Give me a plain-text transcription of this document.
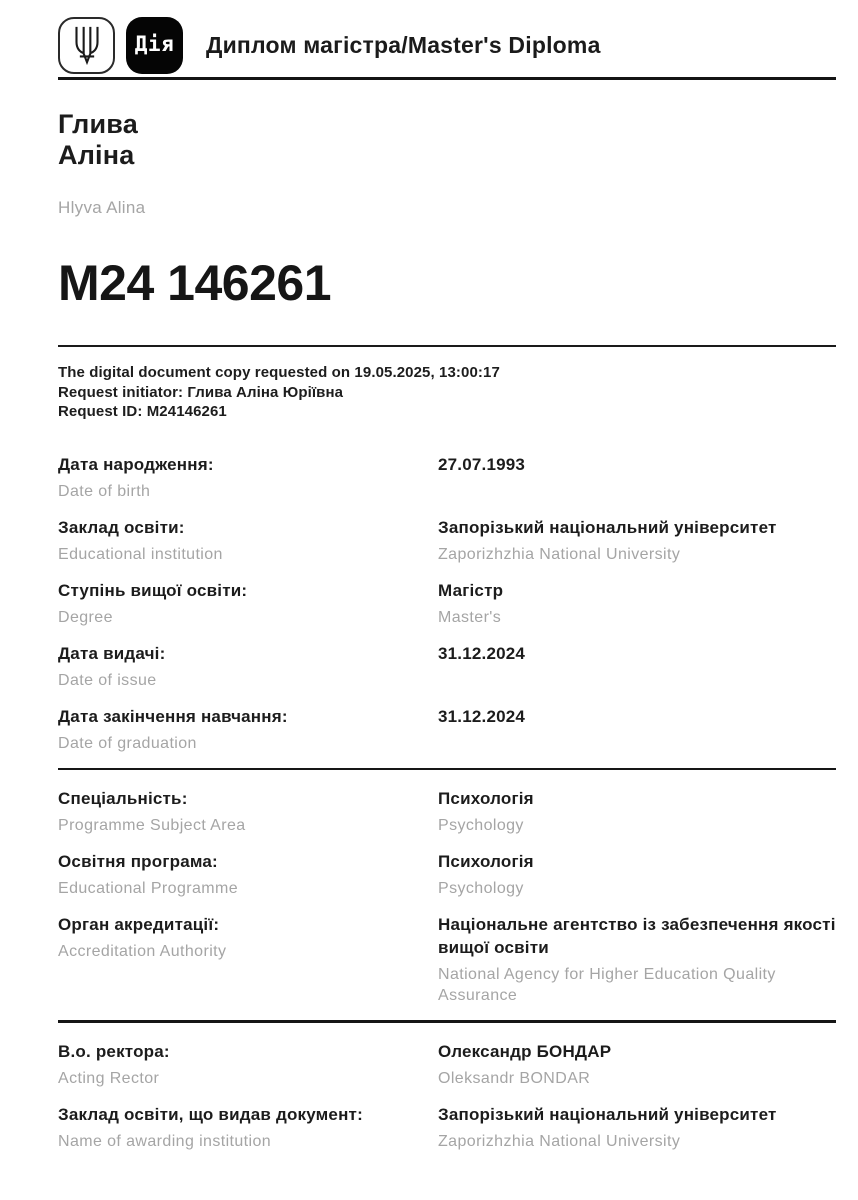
Дія Диплом магістра/Master's Diploma
Глива
Аліна
Hlyva Alina
М24 146261
The digital document copy requested on 19.05.2025, 13:00:17
Request initiator: Глива Аліна Юріївна
Request ID: M24146261
Дата народження:
Date of birth
27.07.1993
Заклад освіти:
Educational institution
Запорізький національний університет
Zaporizhzhia National University
Ступінь вищої освіти:
Degree
Магістр
Master's
Дата видачі:
Date of issue
31.12.2024
Дата закінчення навчання:
Date of graduation
31.12.2024
Спеціальність:
Programme Subject Area
Психологія
Psychology
Освітня програма:
Educational Programme
Психологія
Psychology
Орган акредитації:
Accreditation Authority
Національне агентство із забезпечення якості вищої освіти
National Agency for Higher Education Quality Assurance
В.о. ректора:
Acting Rector
Олександр БОНДАР
Oleksandr BONDAR
Заклад освіти, що видав документ:
Name of awarding institution
Запорізький національний університет
Zaporizhzhia National University
